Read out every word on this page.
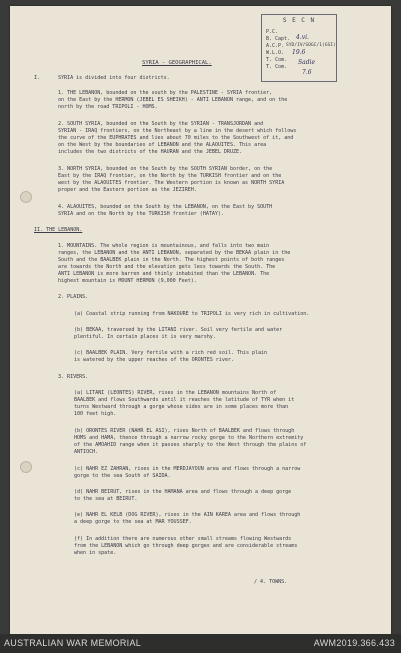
S E C N
P.C.
B. Capt.
A.C.P.
W.L.O.
T. Com.
T. Com.
SYD/IV/SOGC/1(GSI)
4.vi.
19.6
Sadie
7.6
SYRIA - GEOGRAPHICAL.
I.	SYRIA is divided into four districts.
1. THE LEBANON, bounded on the south by the PALESTINE - SYRIA frontier,
on the East by the HERMON (JEBEL ES SHEIKH) - ANTI LEBANON range, and on the
north by the road TRIPOLI - HOMS.
2. SOUTH SYRIA, bounded on the South by the SYRIAN - TRANSJORDAN and
SYRIAN - IRAQ frontiers, on the Northeast by a line in the desert which follows
the curve of the EUPHRATES and lies about 70 miles to the Southwest of it, and
on the West by the boundaries of LEBANON and the ALAOUITES. This area
includes the two districts of the HAURAN and the JEBEL DRUZE.
3. NORTH SYRIA, bounded on the South by the SOUTH SYRIAN border, on the
East by the IRAQ frontier, on the North by the TURKISH frontier and on the
west by the ALAOUITES frontier. The Western portion is known as NORTH SYRIA
proper and the Eastern portion as the JEZIREH.
4. ALAOUITES, bounded on the South by the LEBANON, on the East by SOUTH
SYRIA and on the North by the TURKISH frontier (HATAY).
II. THE LEBANON.
1. MOUNTAINS. The whole region is mountainous, and falls into two main
ranges, the LEBANON and the ANTI LEBANON, separated by the BEKAA plain in the
South and the BAALBEK plain in the North. The highest points of both ranges
are towards the North and the elevation gets less towards the South. The
ANTI LEBANON is more barren and thinly inhabited than the LEBANON. The
highest mountain is MOUNT HERMON (9,000 Feet).
2. PLAINS.
(a) Coastal strip running from NAKOURE to TRIPOLI is very rich in cultivation.
(b) BEKAA, traversed by the LITANI river. Soil very fertile and water
plentiful. In certain places it is very marshy.
(c) BAALBEK PLAIN. Very fertile with a rich red soil. This plain
is watered by the upper reaches of the ORONTES river.
3. RIVERS.
(a) LITANI (LEONTES) RIVER, rises in the LEBANON mountains North of
BAALBEK and flows Southwards until it reaches the latitude of TYR when it
turns Westward through a gorge whose sides are in some places more than
100 feet high.
(b) ORONTES RIVER (NAHR EL ASI), rises North of BAALBEK and flows through
HOMS and HAMA, thence through a narrow rocky gorge to the Northern extremity
of the AMOAHID range when it passes sharply to the West through the plains of
ANTIOCH.
(c) NAHR EZ ZAHRAN, rises in the MERDJAYOUN area and flows through a narrow
gorge to the sea South of SAIDA.
(d) NAHR BEIRUT, rises in the HAMANA area and flows through a deep gorge
to the sea at BEIRUT.
(e) NAHR EL KELB (DOG RIVER), rises in the AIN KAREA area and flows through
a deep gorge to the sea at MAR YOUSSEF.
(f) In addition there are numerous other small streams flowing Westwards
from the LEBANON which go through deep gorges and are considerable streams
when in spate.
/ 4. TOWNS.
AUSTRALIAN WAR MEMORIAL	AWM2019.366.433
